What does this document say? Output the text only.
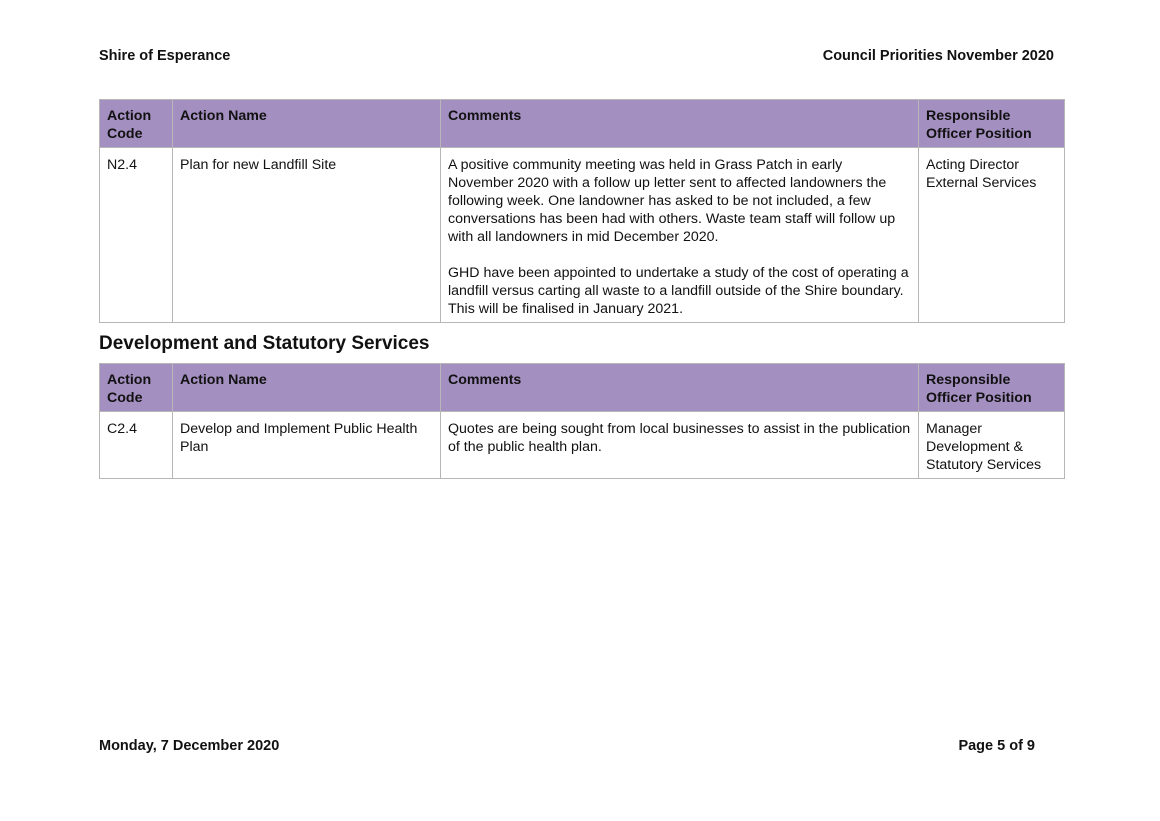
Shire of Esperance	Council Priorities November 2020
Action Code	Action Name	Comments	Responsible Officer Position
N2.4	Plan for new Landfill Site	A positive community meeting was held in Grass Patch in early November 2020 with a follow up letter sent to affected landowners the following week. One landowner has asked to be not included, a few conversations has been had with others. Waste team staff will follow up with all landowners in mid December 2020.
GHD have been appointed to undertake a study of the cost of operating a landfill versus carting all waste to a landfill outside of the Shire boundary. This will be finalised in January 2021.	Acting Director External Services
Development and Statutory Services
Action Code	Action Name	Comments	Responsible Officer Position
C2.4	Develop and Implement Public Health Plan	Quotes are being sought from local businesses to assist in the publication of the public health plan.	Manager Development & Statutory Services
Monday, 7 December 2020	Page 5 of 9
